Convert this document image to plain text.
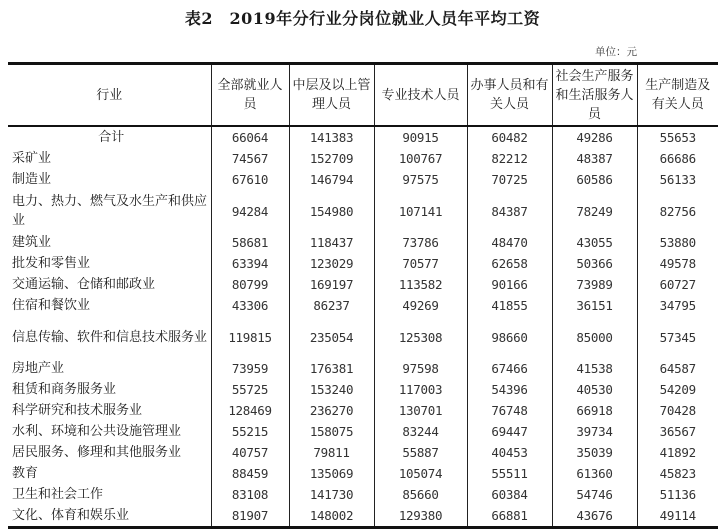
表2　2019年分行业分岗位就业人员年平均工资
单位：元
行业	全部就业人员	中层及以上管理人员	专业技术人员	办事人员和有关人员	社会生产服务和生活服务人员	生产制造及有关人员
合计	66064	141383	90915	60482	49286	55653
采矿业	74567	152709	100767	82212	48387	66686
制造业	67610	146794	97575	70725	60586	56133
电力、热力、燃气及水生产和供应业	94284	154980	107141	84387	78249	82756
建筑业	58681	118437	73786	48470	43055	53880
批发和零售业	63394	123029	70577	62658	50366	49578
交通运输、仓储和邮政业	80799	169197	113582	90166	73989	60727
住宿和餐饮业	43306	86237	49269	41855	36151	34795
信息传输、软件和信息技术服务业	119815	235054	125308	98660	85000	57345
房地产业	73959	176381	97598	67466	41538	64587
租赁和商务服务业	55725	153240	117003	54396	40530	54209
科学研究和技术服务业	128469	236270	130701	76748	66918	70428
水利、环境和公共设施管理业	55215	158075	83244	69447	39734	36567
居民服务、修理和其他服务业	40757	79811	55887	40453	35039	41892
教育	88459	135069	105074	55511	61360	45823
卫生和社会工作	83108	141730	85660	60384	54746	51136
文化、体育和娱乐业	81907	148002	129380	66881	43676	49114
